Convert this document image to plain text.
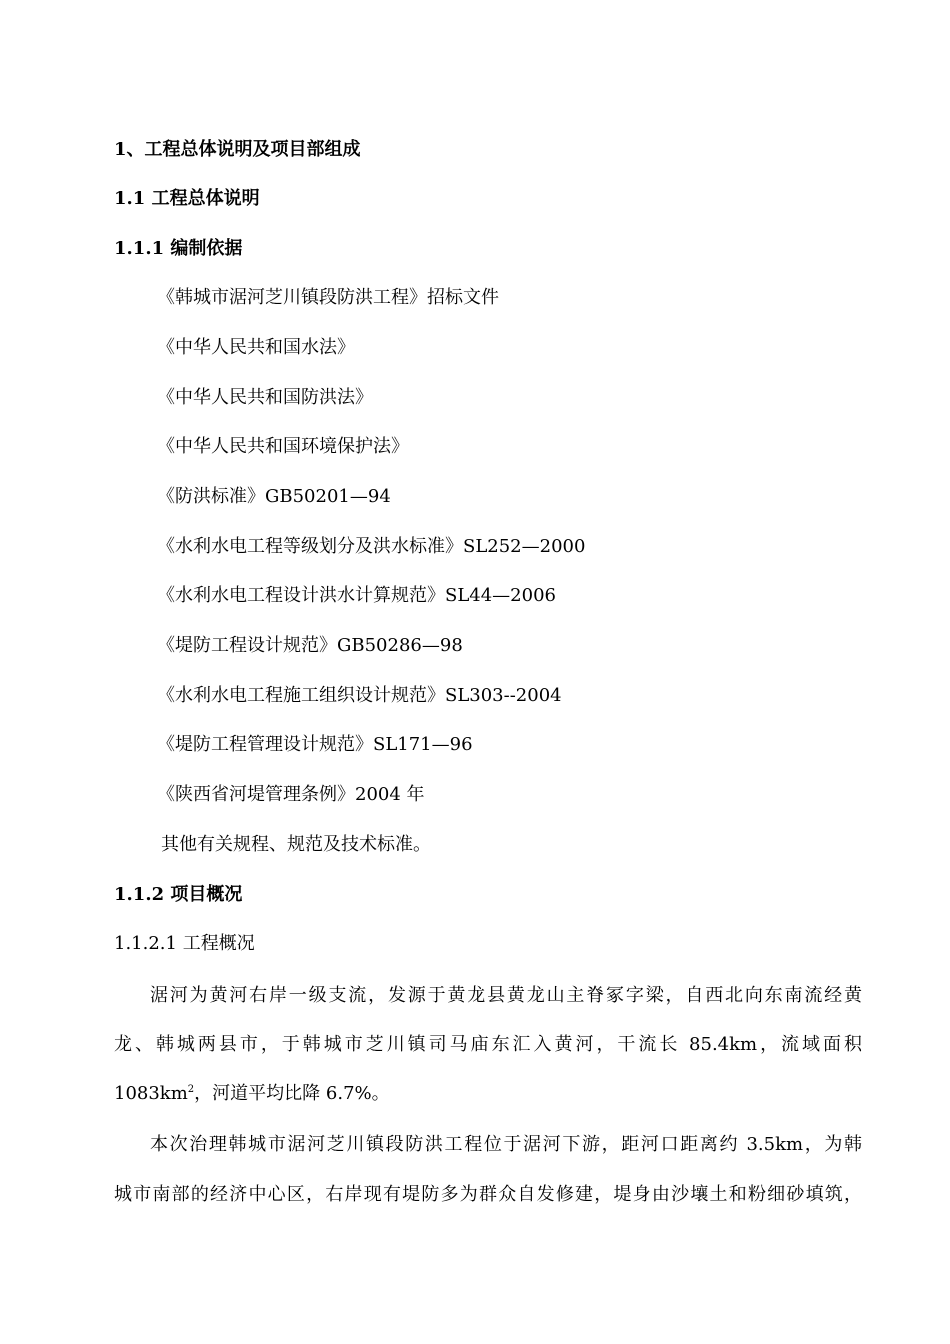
1、工程总体说明及项目部组成
1.1 工程总体说明
1.1.1 编制依据
《韩城市涺河芝川镇段防洪工程》招标文件
《中华人民共和国水法》
《中华人民共和国防洪法》
《中华人民共和国环境保护法》
《防洪标准》GB50201—94
《水利水电工程等级划分及洪水标准》SL252—2000
《水利水电工程设计洪水计算规范》SL44—2006
《堤防工程设计规范》GB50286—98
《水利水电工程施工组织设计规范》SL303--2004
《堤防工程管理设计规范》SL171—96
《陕西省河堤管理条例》2004 年
其他有关规程、规范及技术标准。
1.1.2 项目概况
1.1.2.1 工程概况
涺河为黄河右岸一级支流，发源于黄龙县黄龙山主脊冢字梁，自西北向东南流经黄
龙、韩城两县市，于韩城市芝川镇司马庙东汇入黄河，干流长 85.4km，流域面积
$1083km^2$，河道平均比降 6.7%。
本次治理韩城市涺河芝川镇段防洪工程位于涺河下游，距河口距离约 3.5km，为韩
城市南部的经济中心区，右岸现有堤防多为群众自发修建，堤身由沙壤土和粉细砂填筑，
